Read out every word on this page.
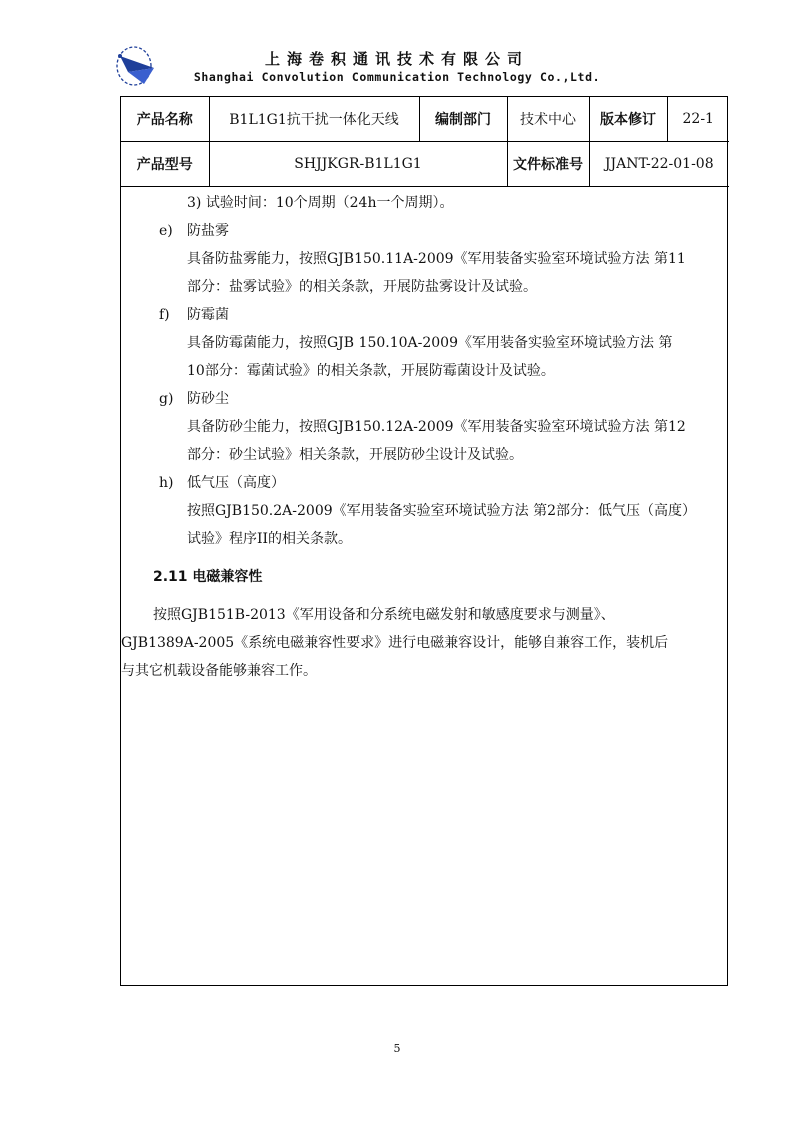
上海卷积通讯技术有限公司
Shanghai Convolution Communication Technology Co.,Ltd.
产品名称	B1L1G1抗干扰一体化天线	编制部门	技术中心	版本修订	22-1
产品型号	SHJJKGR-B1L1G1		文件标准号	JJANT-22-01-08	
3) 试验时间：10个周期（24h一个周期）。
e) 防盐雾
具备防盐雾能力，按照GJB150.11A-2009《军用装备实验室环境试验方法 第11
部分：盐雾试验》的相关条款，开展防盐雾设计及试验。
f) 防霉菌
具备防霉菌能力，按照GJB 150.10A-2009《军用装备实验室环境试验方法 第
10部分：霉菌试验》的相关条款，开展防霉菌设计及试验。
g) 防砂尘
具备防砂尘能力，按照GJB150.12A-2009《军用装备实验室环境试验方法 第12
部分：砂尘试验》相关条款，开展防砂尘设计及试验。
h) 低气压（高度）
按照GJB150.2A-2009《军用装备实验室环境试验方法 第2部分：低气压（高度）
试验》程序II的相关条款。
2.11 电磁兼容性
按照GJB151B-2013《军用设备和分系统电磁发射和敏感度要求与测量》、
GJB1389A-2005《系统电磁兼容性要求》进行电磁兼容设计，能够自兼容工作，装机后
与其它机载设备能够兼容工作。
5
